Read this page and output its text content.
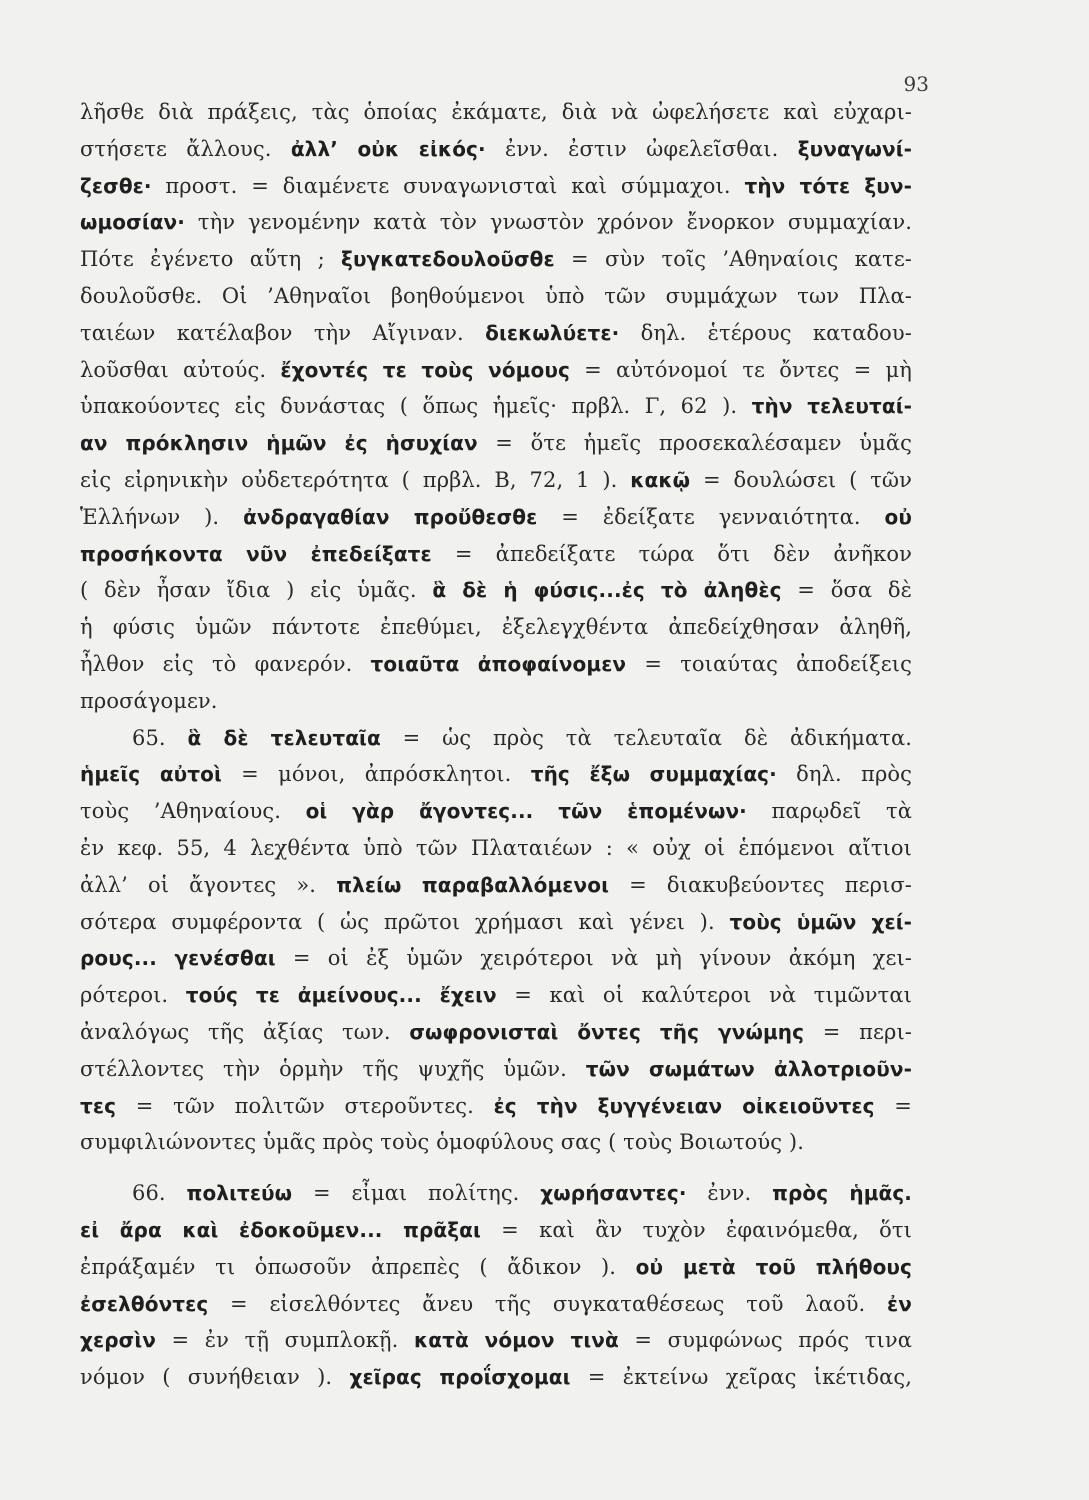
93
λῆσθε διὰ πράξεις, τὰς ὁποίας ἐκάματε, διὰ νὰ ὠφελήσετε καὶ εὐχαρι-
στήσετε ἄλλους. ἀλλ’ οὐκ εἰκός· ἐνν. ἐστιν ὠφελεῖσθαι. ξυναγωνί-
ζεσθε· προστ. = διαμένετε συναγωνισταὶ καὶ σύμμαχοι. τὴν τότε ξυν-
ωμοσίαν· τὴν γενομένην κατὰ τὸν γνωστὸν χρόνον ἔνορκον συμμαχίαν.
Πότε ἐγένετο αὕτη ; ξυγκατεδουλοῦσθε = σὺν τοῖς ’Αθηναίοις κατε-
δουλοῦσθε. Οἱ ’Αθηναῖοι βοηθούμενοι ὑπὸ τῶν συμμάχων των Πλα-
ταιέων κατέλαβον τὴν Αἴγιναν. διεκωλύετε· δηλ. ἑτέρους καταδου-
λοῦσθαι αὐτούς. ἔχοντές τε τοὺς νόμους = αὐτόνομοί τε ὄντες = μὴ
ὑπακούοντες εἰς δυνάστας ( ὅπως ἡμεῖς· πρβλ. Γ, 62 ). τὴν τελευταί-
αν πρόκλησιν ἡμῶν ἐς ἡσυχίαν = ὅτε ἡμεῖς προσεκαλέσαμεν ὑμᾶς
εἰς εἰρηνικὴν οὐδετερότητα ( πρβλ. Β, 72, 1 ). κακῷ = δουλώσει ( τῶν
Ἑλλήνων ). ἀνδραγαθίαν προὔθεσθε = ἐδείξατε γενναιότητα. οὐ
προσήκοντα νῦν ἐπεδείξατε = ἀπεδείξατε τώρα ὅτι δὲν ἀνῆκον
( δὲν ἦσαν ἴδια ) εἰς ὑμᾶς. ἃ δὲ ἡ φύσις...ἐς τὸ ἀληθὲς = ὅσα δὲ
ἡ φύσις ὑμῶν πάντοτε ἐπεθύμει, ἐξελεγχθέντα ἀπεδείχθησαν ἀληθῆ,
ἦλθον εἰς τὸ φανερόν. τοιαῦτα ἀποφαίνομεν = τοιαύτας ἀποδείξεις
προσάγομεν.
65. ἃ δὲ τελευταῖα = ὡς πρὸς τὰ τελευταῖα δὲ ἀδικήματα.
ἡμεῖς αὐτοὶ = μόνοι, ἀπρόσκλητοι. τῆς ἔξω συμμαχίας· δηλ. πρὸς
τοὺς ’Αθηναίους. οἱ γὰρ ἄγοντες... τῶν ἑπομένων· παρῳδεῖ τὰ
ἐν κεφ. 55, 4 λεχθέντα ὑπὸ τῶν Πλαταιέων : « οὐχ οἱ ἑπόμενοι αἴτιοι
ἀλλ’ οἱ ἄγοντες ». πλείω παραβαλλόμενοι = διακυβεύοντες περισ-
σότερα συμφέροντα ( ὡς πρῶτοι χρήμασι καὶ γένει ). τοὺς ὑμῶν χεί-
ρους... γενέσθαι = οἱ ἐξ ὑμῶν χειρότεροι νὰ μὴ γίνουν ἀκόμη χει-
ρότεροι. τούς τε ἀμείνους... ἔχειν = καὶ οἱ καλύτεροι νὰ τιμῶνται
ἀναλόγως τῆς ἀξίας των. σωφρονισταὶ ὄντες τῆς γνώμης = περι-
στέλλοντες τὴν ὁρμὴν τῆς ψυχῆς ὑμῶν. τῶν σωμάτων ἀλλοτριοῦν-
τες = τῶν πολιτῶν στεροῦντες. ἐς τὴν ξυγγένειαν οἰκειοῦντες =
συμφιλιώνοντες ὑμᾶς πρὸς τοὺς ὁμοφύλους σας ( τοὺς Βοιωτούς ).
66. πολιτεύω = εἶμαι πολίτης. χωρήσαντες· ἐνν. πρὸς ἡμᾶς.
εἰ ἄρα καὶ ἐδοκοῦμεν... πρᾶξαι = καὶ ἂν τυχὸν ἐφαινόμεθα, ὅτι
ἐπράξαμέν τι ὁπωσοῦν ἀπρεπὲς ( ἄδικον ). οὐ μετὰ τοῦ πλήθους
ἐσελθόντες = εἰσελθόντες ἄνευ τῆς συγκαταθέσεως τοῦ λαοῦ. ἐν
χερσὶν = ἐν τῇ συμπλοκῇ. κατὰ νόμον τινὰ = συμφώνως πρός τινα
νόμον ( συνήθειαν ). χεῖρας προΐσχομαι = ἐκτείνω χεῖρας ἱκέτιδας,
